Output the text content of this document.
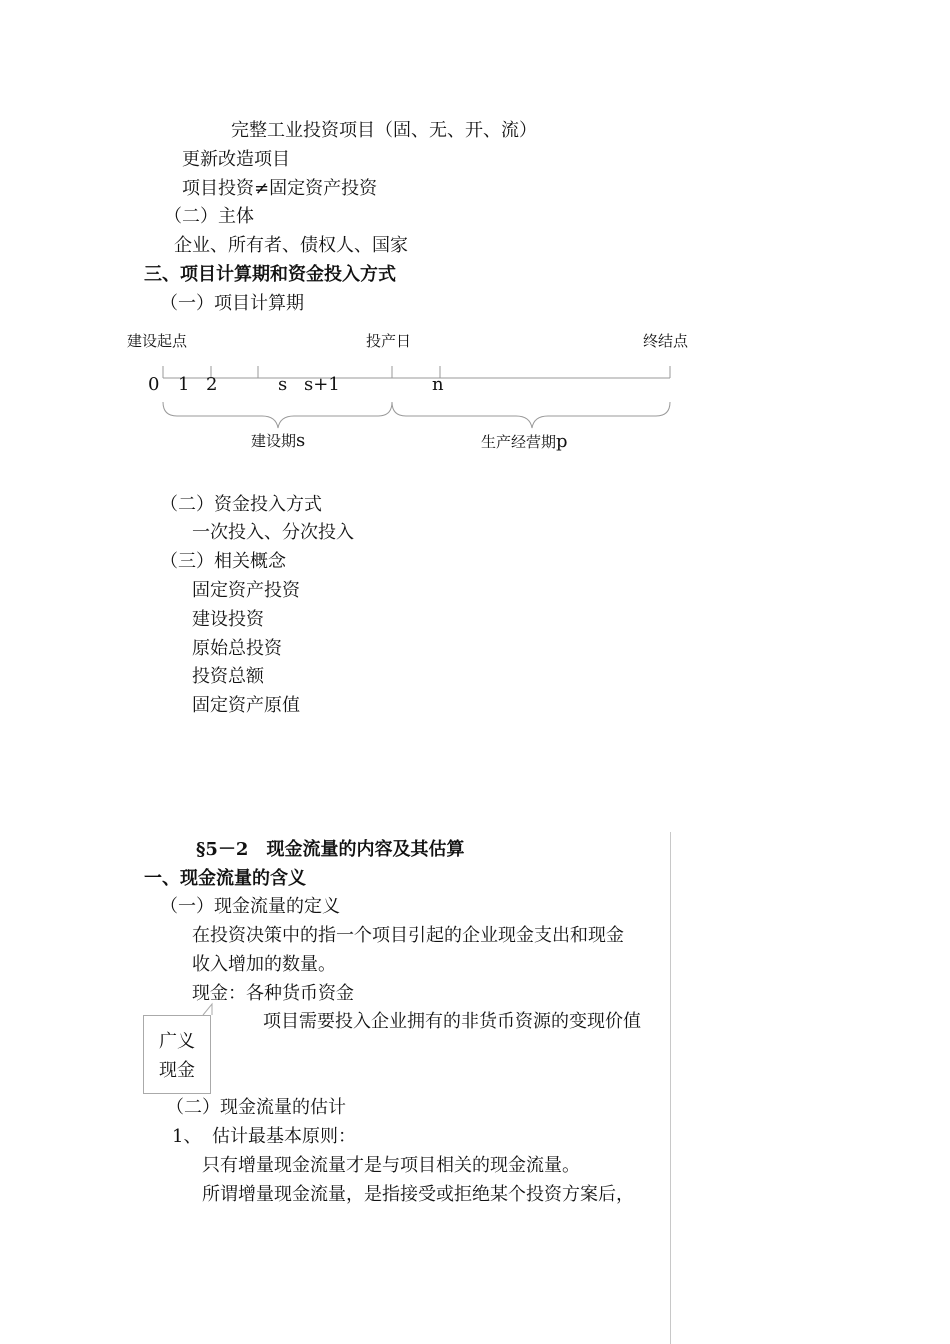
完整工业投资项目（固、无、开、流）
更新改造项目
项目投资≠固定资产投资
（二）主体
企业、所有者、债权人、国家
三、项目计算期和资金投入方式
（一）项目计算期
建设起点	投产日	终结点
0 1 2	s s+1	n
建设期s	生产经营期p
（二）资金投入方式
一次投入、分次投入
（三）相关概念
固定资产投资
建设投资
原始总投资
投资总额
固定资产原值
§5－2　现金流量的内容及其估算
一、现金流量的含义
（一）现金流量的定义
在投资决策中的指一个项目引起的企业现金支出和现金
收入增加的数量。
现金：各种货币资金
项目需要投入企业拥有的非货币资源的变现价值
广义
现金
（二）现金流量的估计
1、 估计最基本原则：
只有增量现金流量才是与项目相关的现金流量。
所谓增量现金流量，是指接受或拒绝某个投资方案后，
